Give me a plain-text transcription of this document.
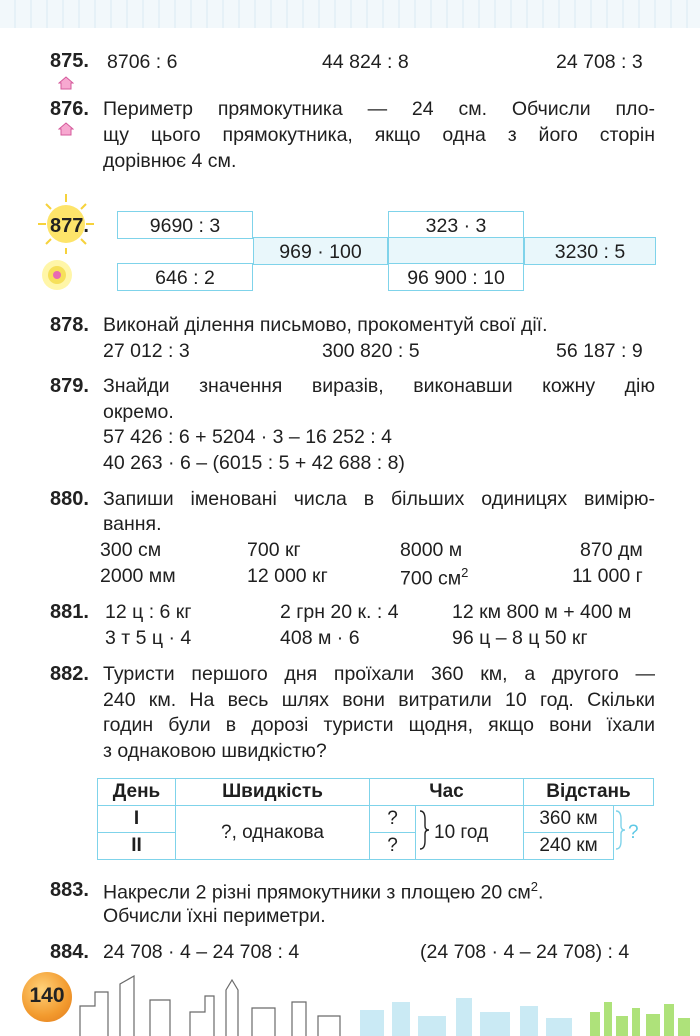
875. 8706 : 6	44 824 : 8	24 708 : 3
876. Периметр прямокутника — 24 см. Обчисли пло-
щу цього прямокутника, якщо одна з його сторін
дорівнює 4 см.
877.	9690 : 3	323 · 3
969 · 100	3230 : 5
646 : 2	96 900 : 10
878. Виконай ділення письмово, прокоментуй свої дії.
27 012 : 3	300 820 : 5	56 187 : 9
879. Знайди значення виразів, виконавши кожну дію
окремо.
57 426 : 6 + 5204 · 3 – 16 252 : 4
40 263 · 6 – (6015 : 5 + 42 688 : 8)
880. Запиши іменовані числа в більших одиницях вимірю-
вання.
300 см	700 кг	8000 м	870 дм
2000 мм	12 000 кг	700 $см^2$	11 000 г
881. 12 ц : 6 кг	2 грн 20 к. : 4	12 км 800 м + 400 м
3 т 5 ц · 4	408 м · 6	96 ц – 8 ц 50 кг
882. Туристи першого дня проїхали 360 км, а другого —
240 км. На весь шлях вони витратили 10 год. Скільки
годин були в дорозі туристи щодня, якщо вони їхали
з однаковою швидкістю?
День	Швидкість	Час		Відстань	
I	?, однакова	?	10 год	360 км	?
II		?		240 км	
883. Накресли 2 різні прямокутники з площею 20 $см^2$.
Обчисли їхні периметри.
884. 24 708 · 4 – 24 708 : 4	(24 708 · 4 – 24 708) : 4
140
